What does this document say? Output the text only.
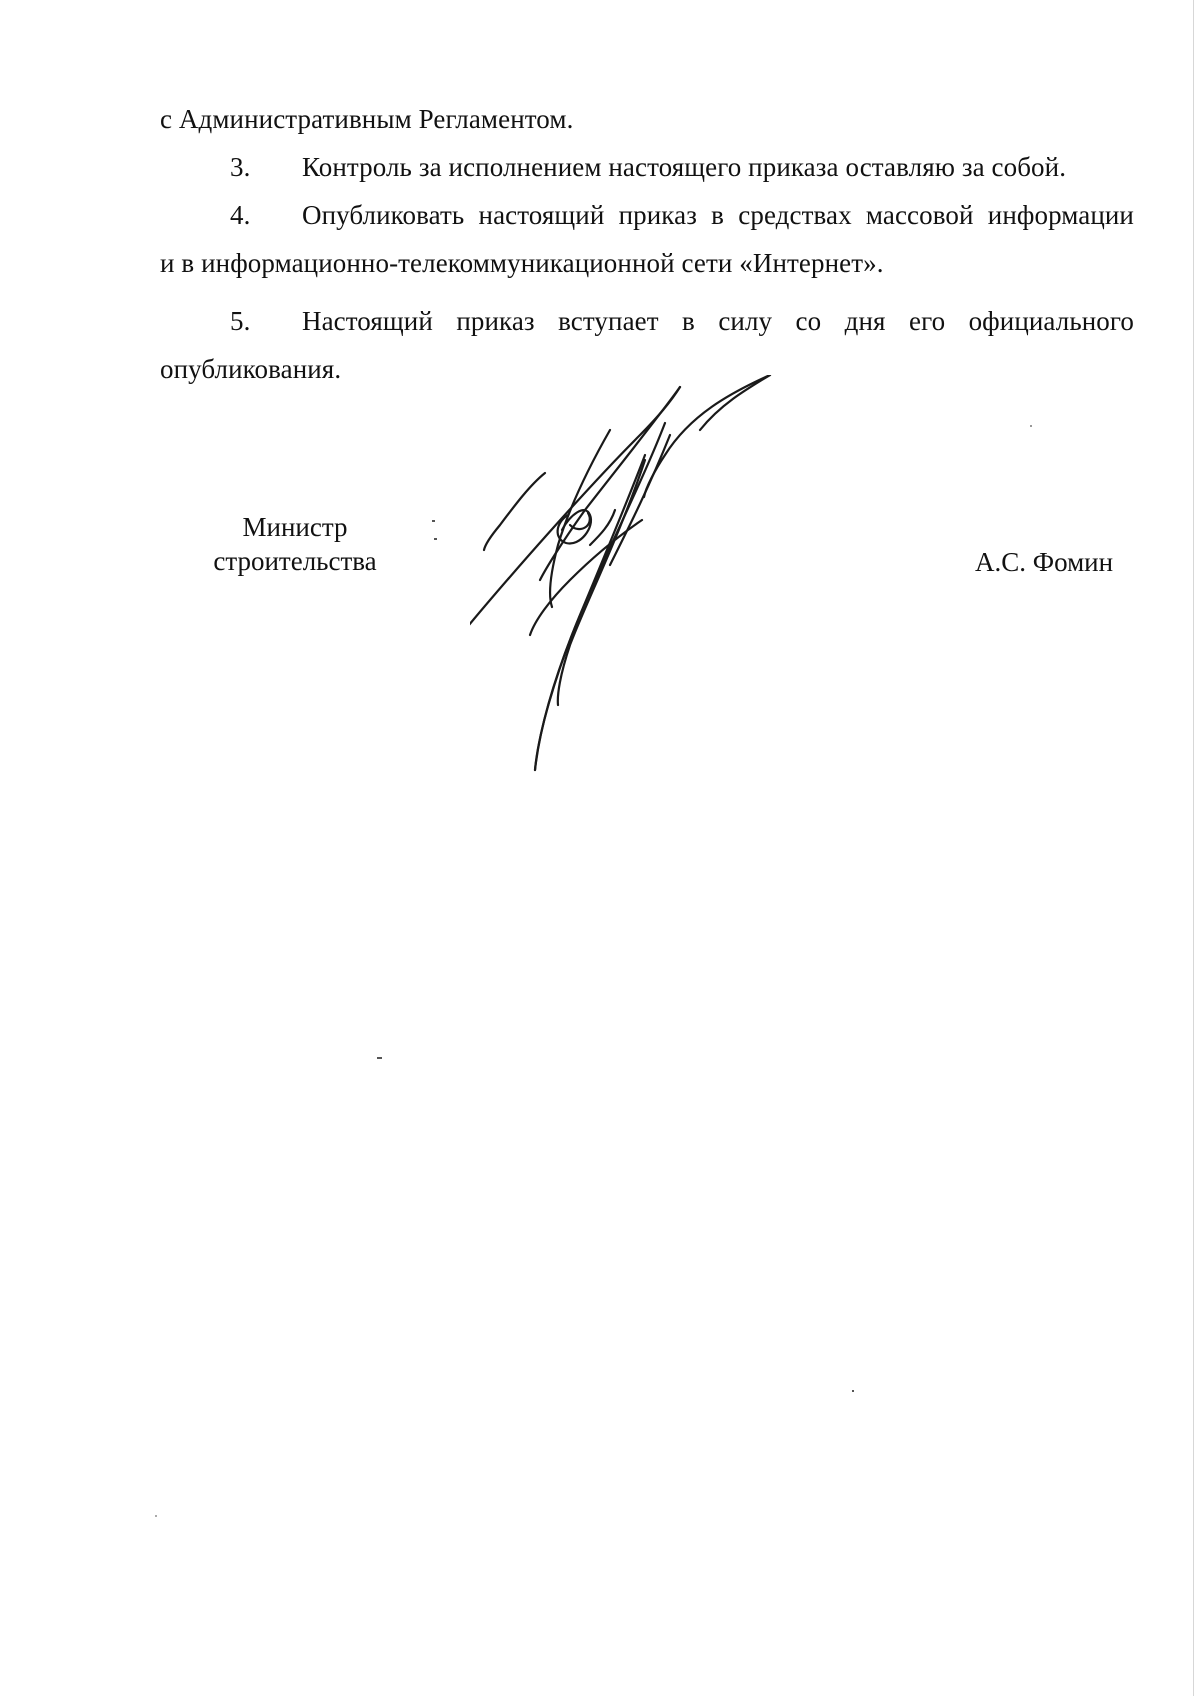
с Административным Регламентом.
3. Контроль за исполнением настоящего приказа оставляю за собой.
4. Опубликовать настоящий приказ в средствах массовой информации
и в информационно-телекоммуникационной сети «Интернет».
5. Настоящий приказ вступает в силу со дня его официального
опубликования.
Министр
строительства	А.С. Фомин
